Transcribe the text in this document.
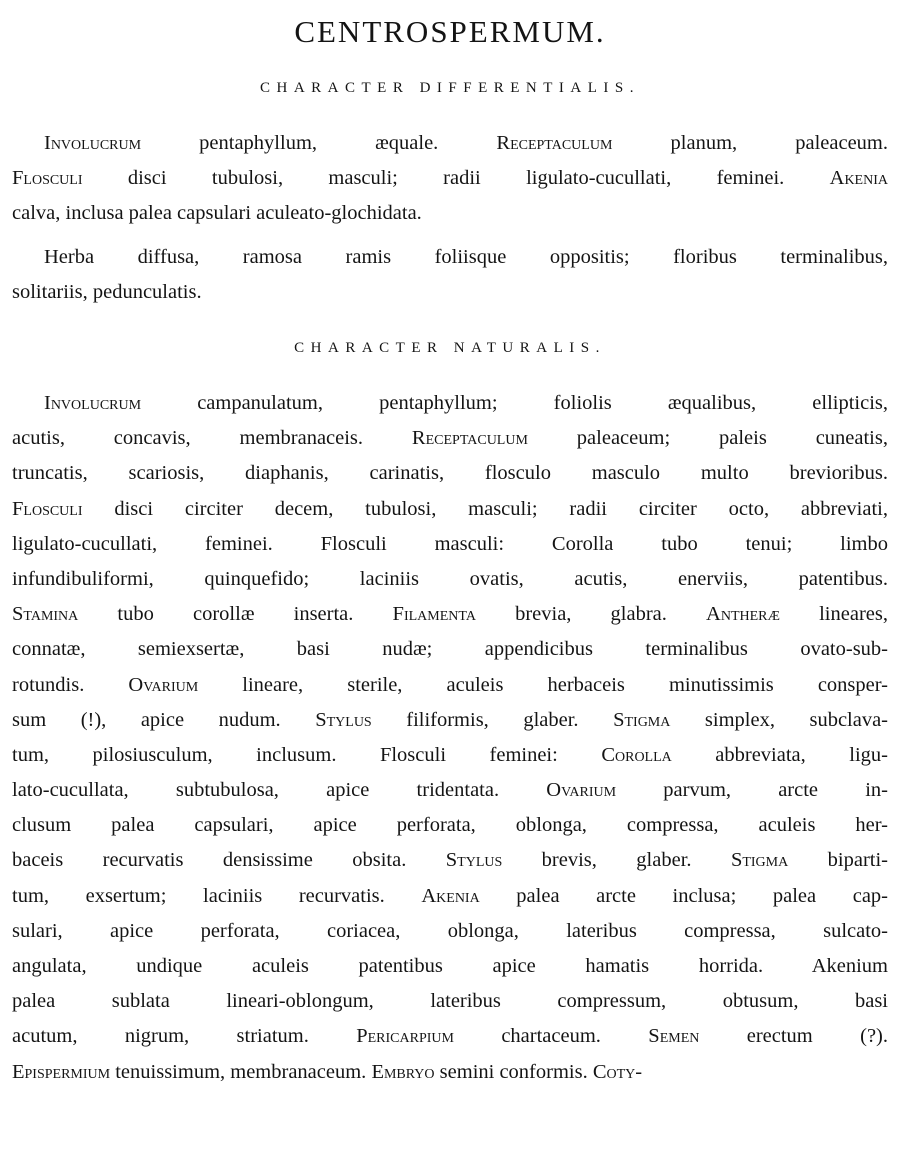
CENTROSPERMUM.
CHARACTER DIFFERENTIALIS.
Involucrum pentaphyllum, æquale. Receptaculum planum, paleaceum.
Flosculi disci tubulosi, masculi; radii ligulato-cucullati, feminei. Akenia
calva, inclusa palea capsulari aculeato-glochidata.
Herba diffusa, ramosa ramis foliisque oppositis; floribus terminalibus,
solitariis, pedunculatis.
CHARACTER NATURALIS.
Involucrum campanulatum, pentaphyllum; foliolis æqualibus, ellipticis,
acutis, concavis, membranaceis. Receptaculum paleaceum; paleis cuneatis,
truncatis, scariosis, diaphanis, carinatis, flosculo masculo multo brevioribus.
Flosculi disci circiter decem, tubulosi, masculi; radii circiter octo, abbreviati,
ligulato-cucullati, feminei. Flosculi masculi: Corolla tubo tenui; limbo
infundibuliformi, quinquefido; laciniis ovatis, acutis, enerviis, patentibus.
Stamina tubo corollæ inserta. Filamenta brevia, glabra. Antheræ lineares,
connatæ, semiexsertæ, basi nudæ; appendicibus terminalibus ovato-sub-
rotundis. Ovarium lineare, sterile, aculeis herbaceis minutissimis consper-
sum (!), apice nudum. Stylus filiformis, glaber. Stigma simplex, subclava-
tum, pilosiusculum, inclusum. Flosculi feminei: Corolla abbreviata, ligu-
lato-cucullata, subtubulosa, apice tridentata. Ovarium parvum, arcte in-
clusum palea capsulari, apice perforata, oblonga, compressa, aculeis her-
baceis recurvatis densissime obsita. Stylus brevis, glaber. Stigma biparti-
tum, exsertum; laciniis recurvatis. Akenia palea arcte inclusa; palea cap-
sulari, apice perforata, coriacea, oblonga, lateribus compressa, sulcato-
angulata, undique aculeis patentibus apice hamatis horrida. Akenium
palea sublata lineari-oblongum, lateribus compressum, obtusum, basi
acutum, nigrum, striatum. Pericarpium chartaceum. Semen erectum (?).
Epispermium tenuissimum, membranaceum. Embryo semini conformis. Coty-
